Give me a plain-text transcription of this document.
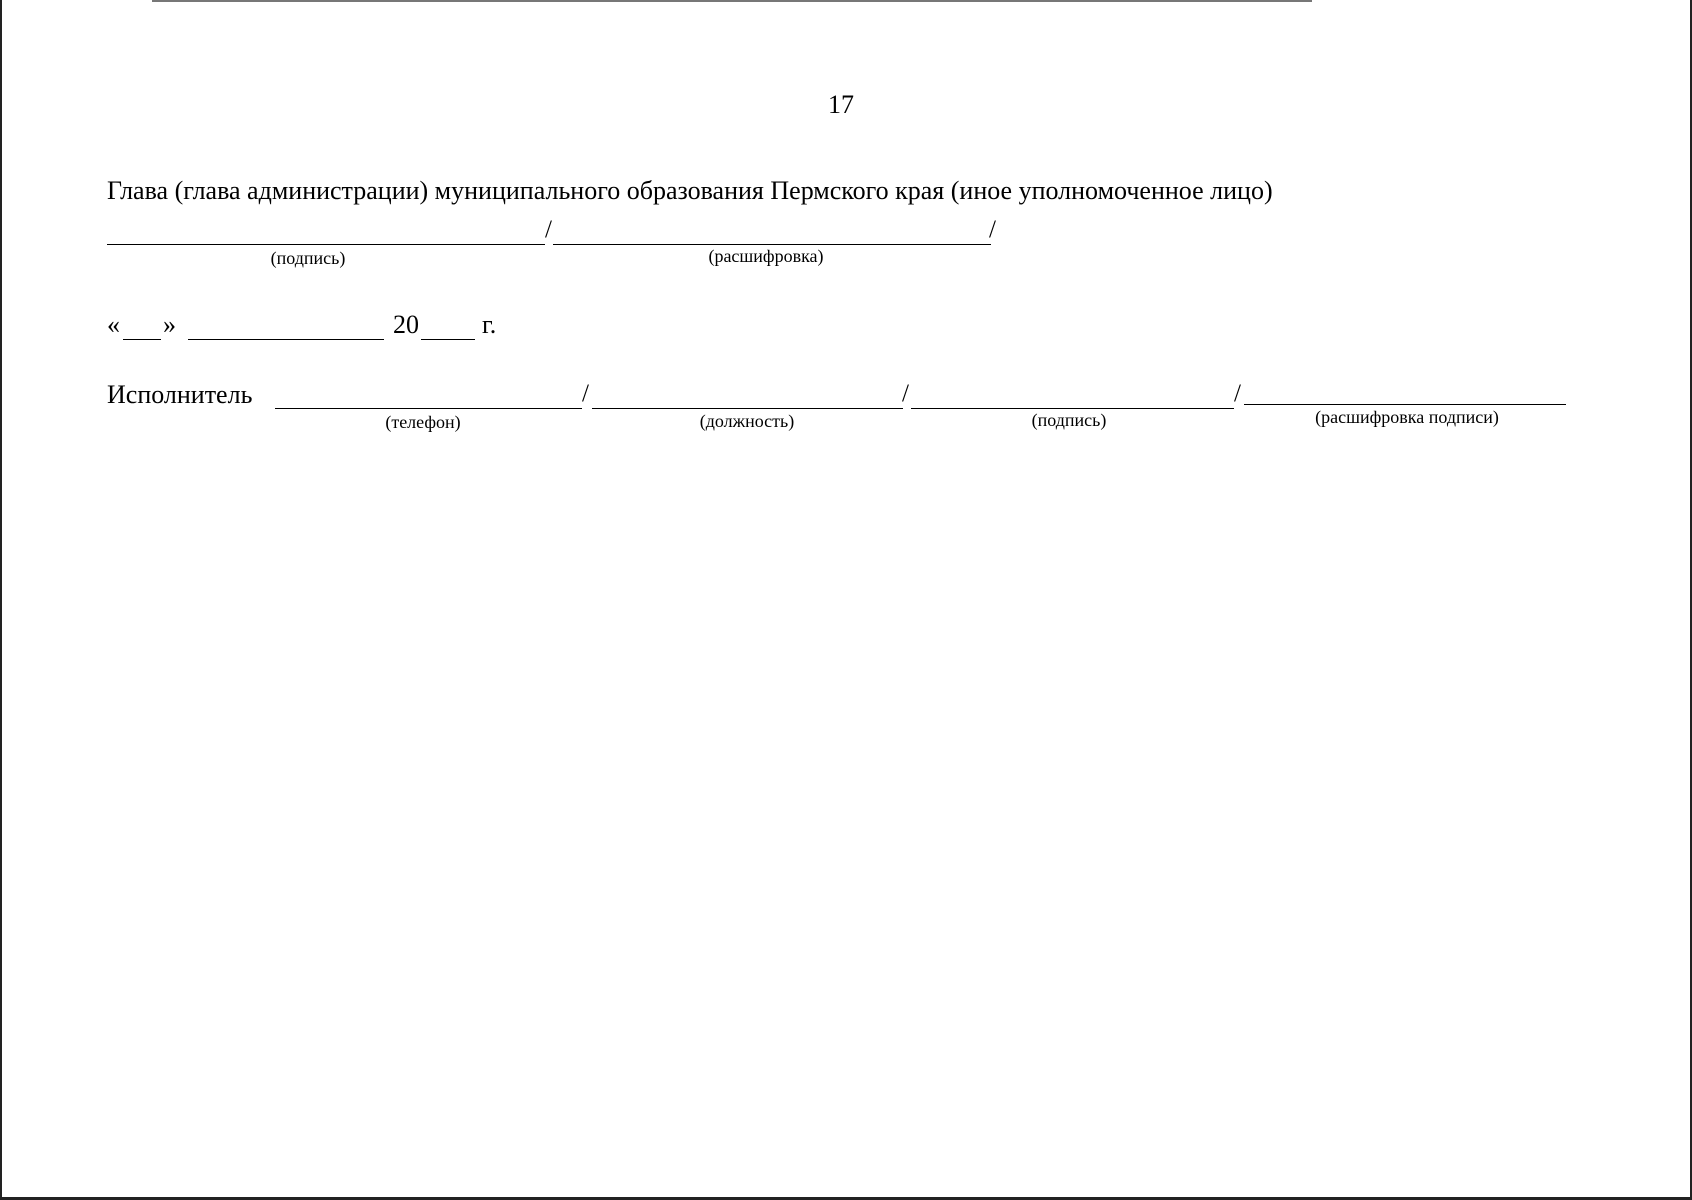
17
Глава (глава администрации) муниципального образования Пермского края (иное уполномоченное лицо)
/	/
(подпись)	(расшифровка)
« »	20 г.
Исполнитель	/	/	/
(телефон)	(должность)	(подпись)	(расшифровка подписи)
